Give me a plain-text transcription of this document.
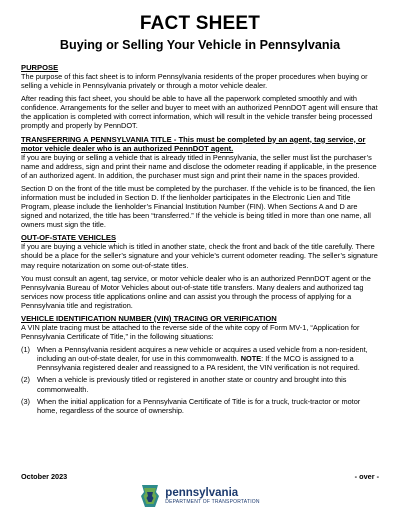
FACT SHEET
Buying or Selling Your Vehicle in Pennsylvania

PURPOSE

The purpose of this fact sheet is to inform Pennsylvania residents of the proper procedures when buying or selling a vehicle in Pennsylvania privately or through a motor vehicle dealer.

After reading this fact sheet, you should be able to have all the paperwork completed smoothly and with confidence. Arrangements for the seller and buyer to meet with an authorized PennDOT agent will ensure that the application is completed with correct information, which will result in the vehicle transfer being processed promptly and properly by PennDOT.

TRANSFERRING A PENNSYLVANIA TITLE - This must be completed by an agent, tag service, or motor vehicle dealer who is an authorized PennDOT agent.

If you are buying or selling a vehicle that is already titled in Pennsylvania, the seller must list the purchaser’s name and address, sign and print their name and disclose the odometer reading if applicable, in the presence of an authorized agent. In addition, the purchaser must sign and print their name in the spaces provided.

Section D on the front of the title must be completed by the purchaser. If the vehicle is to be financed, the lien information must be included in Section D. If the lienholder participates in the Electronic Lien and Title Program, please include the lienholder’s Financial Institution Number (FIN). When Sections A and D are signed and notarized, the title has been “transferred.” If the vehicle is being titled in more than one name, all owners must sign the title.

OUT-OF-STATE VEHICLES

If you are buying a vehicle which is titled in another state, check the front and back of the title carefully. There should be a place for the seller’s signature and your vehicle’s current odometer reading. The seller’s signature may require notarization on some out-of-state titles.

You must consult an agent, tag service, or motor vehicle dealer who is an authorized PennDOT agent or the Pennsylvania Bureau of Motor Vehicles about out-of-state title transfers. Many dealers and authorized tag services now process title applications online and can assist you through the process of applying for a Pennsylvania title and registration.

VEHICLE IDENTIFICATION NUMBER (VIN) TRACING OR VERIFICATION

A VIN plate tracing must be attached to the reverse side of the white copy of Form MV-1, “Application for Pennsylvania Certificate of Title,” in the following situations:

(1) When a Pennsylvania resident acquires a new vehicle or acquires a used vehicle from a non-resident, including an out-of-state dealer, for use in this commonwealth. NOTE: If the MCO is assigned to a Pennsylvania registered dealer and reassigned to a PA resident, the VIN verification is not required.
(2) When a vehicle is previously titled or registered in another state or country and brought into this commonwealth.
(3) When the initial application for a Pennsylvania Certificate of Title is for a truck, truck-tractor or motor home, regardless of the source of ownership.
October 2023	- over -
pennsylvania
DEPARTMENT OF TRANSPORTATION
